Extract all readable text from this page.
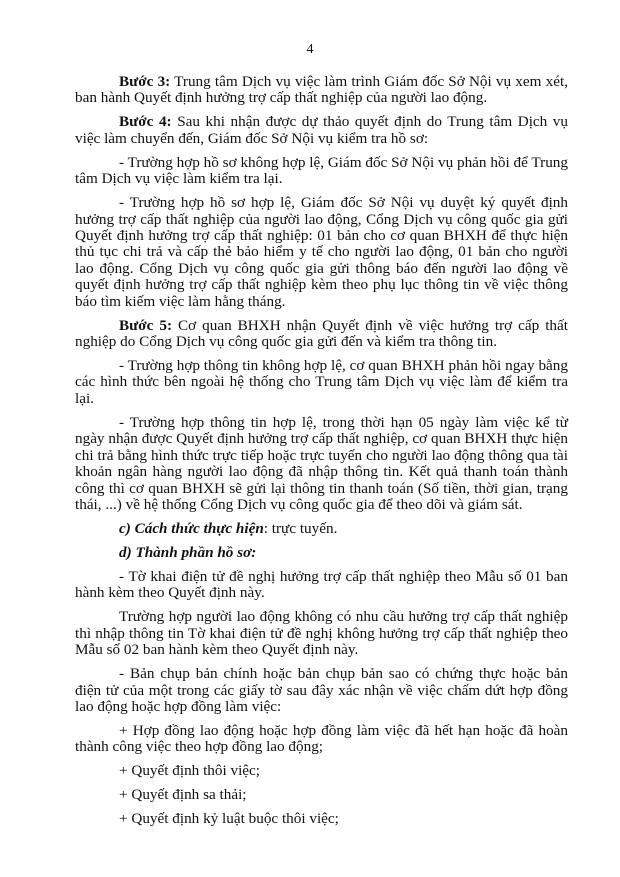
4

Bước 3: Trung tâm Dịch vụ việc làm trình Giám đốc Sở Nội vụ xem xét, ban hành Quyết định hưởng trợ cấp thất nghiệp của người lao động.

Bước 4: Sau khi nhận được dự thảo quyết định do Trung tâm Dịch vụ việc làm chuyển đến, Giám đốc Sở Nội vụ kiểm tra hồ sơ:

- Trường hợp hồ sơ không hợp lệ, Giám đốc Sở Nội vụ phản hồi để Trung tâm Dịch vụ việc làm kiểm tra lại.

- Trường hợp hồ sơ hợp lệ, Giám đốc Sở Nội vụ duyệt ký quyết định hưởng trợ cấp thất nghiệp của người lao động, Cổng Dịch vụ công quốc gia gửi Quyết định hưởng trợ cấp thất nghiệp: 01 bản cho cơ quan BHXH để thực hiện thủ tục chi trả và cấp thẻ bảo hiểm y tế cho người lao động, 01 bản cho người lao động. Cổng Dịch vụ công quốc gia gửi thông báo đến người lao động về quyết định hưởng trợ cấp thất nghiệp kèm theo phụ lục thông tin về việc thông báo tìm kiếm việc làm hằng tháng.

Bước 5: Cơ quan BHXH nhận Quyết định về việc hưởng trợ cấp thất nghiệp do Cổng Dịch vụ công quốc gia gửi đến và kiểm tra thông tin.

- Trường hợp thông tin không hợp lệ, cơ quan BHXH phản hồi ngay bằng các hình thức bên ngoài hệ thống cho Trung tâm Dịch vụ việc làm để kiểm tra lại.

- Trường hợp thông tin hợp lệ, trong thời hạn 05 ngày làm việc kể từ ngày nhận được Quyết định hưởng trợ cấp thất nghiệp, cơ quan BHXH thực hiện chi trả bằng hình thức trực tiếp hoặc trực tuyến cho người lao động thông qua tài khoản ngân hàng người lao động đã nhập thông tin. Kết quả thanh toán thành công thì cơ quan BHXH sẽ gửi lại thông tin thanh toán (Số tiền, thời gian, trạng thái, ...) về hệ thống Cổng Dịch vụ công quốc gia để theo dõi và giám sát.

c) Cách thức thực hiện: trực tuyến.

d) Thành phần hồ sơ:

- Tờ khai điện tử đề nghị hưởng trợ cấp thất nghiệp theo Mẫu số 01 ban hành kèm theo Quyết định này.

Trường hợp người lao động không có nhu cầu hưởng trợ cấp thất nghiệp thì nhập thông tin Tờ khai điện tử đề nghị không hưởng trợ cấp thất nghiệp theo Mẫu số 02 ban hành kèm theo Quyết định này.

- Bản chụp bản chính hoặc bản chụp bản sao có chứng thực hoặc bản điện tử của một trong các giấy tờ sau đây xác nhận về việc chấm dứt hợp đồng lao động hoặc hợp đồng làm việc:

+ Hợp đồng lao động hoặc hợp đồng làm việc đã hết hạn hoặc đã hoàn thành công việc theo hợp đồng lao động;

+ Quyết định thôi việc;

+ Quyết định sa thải;

+ Quyết định kỷ luật buộc thôi việc;
